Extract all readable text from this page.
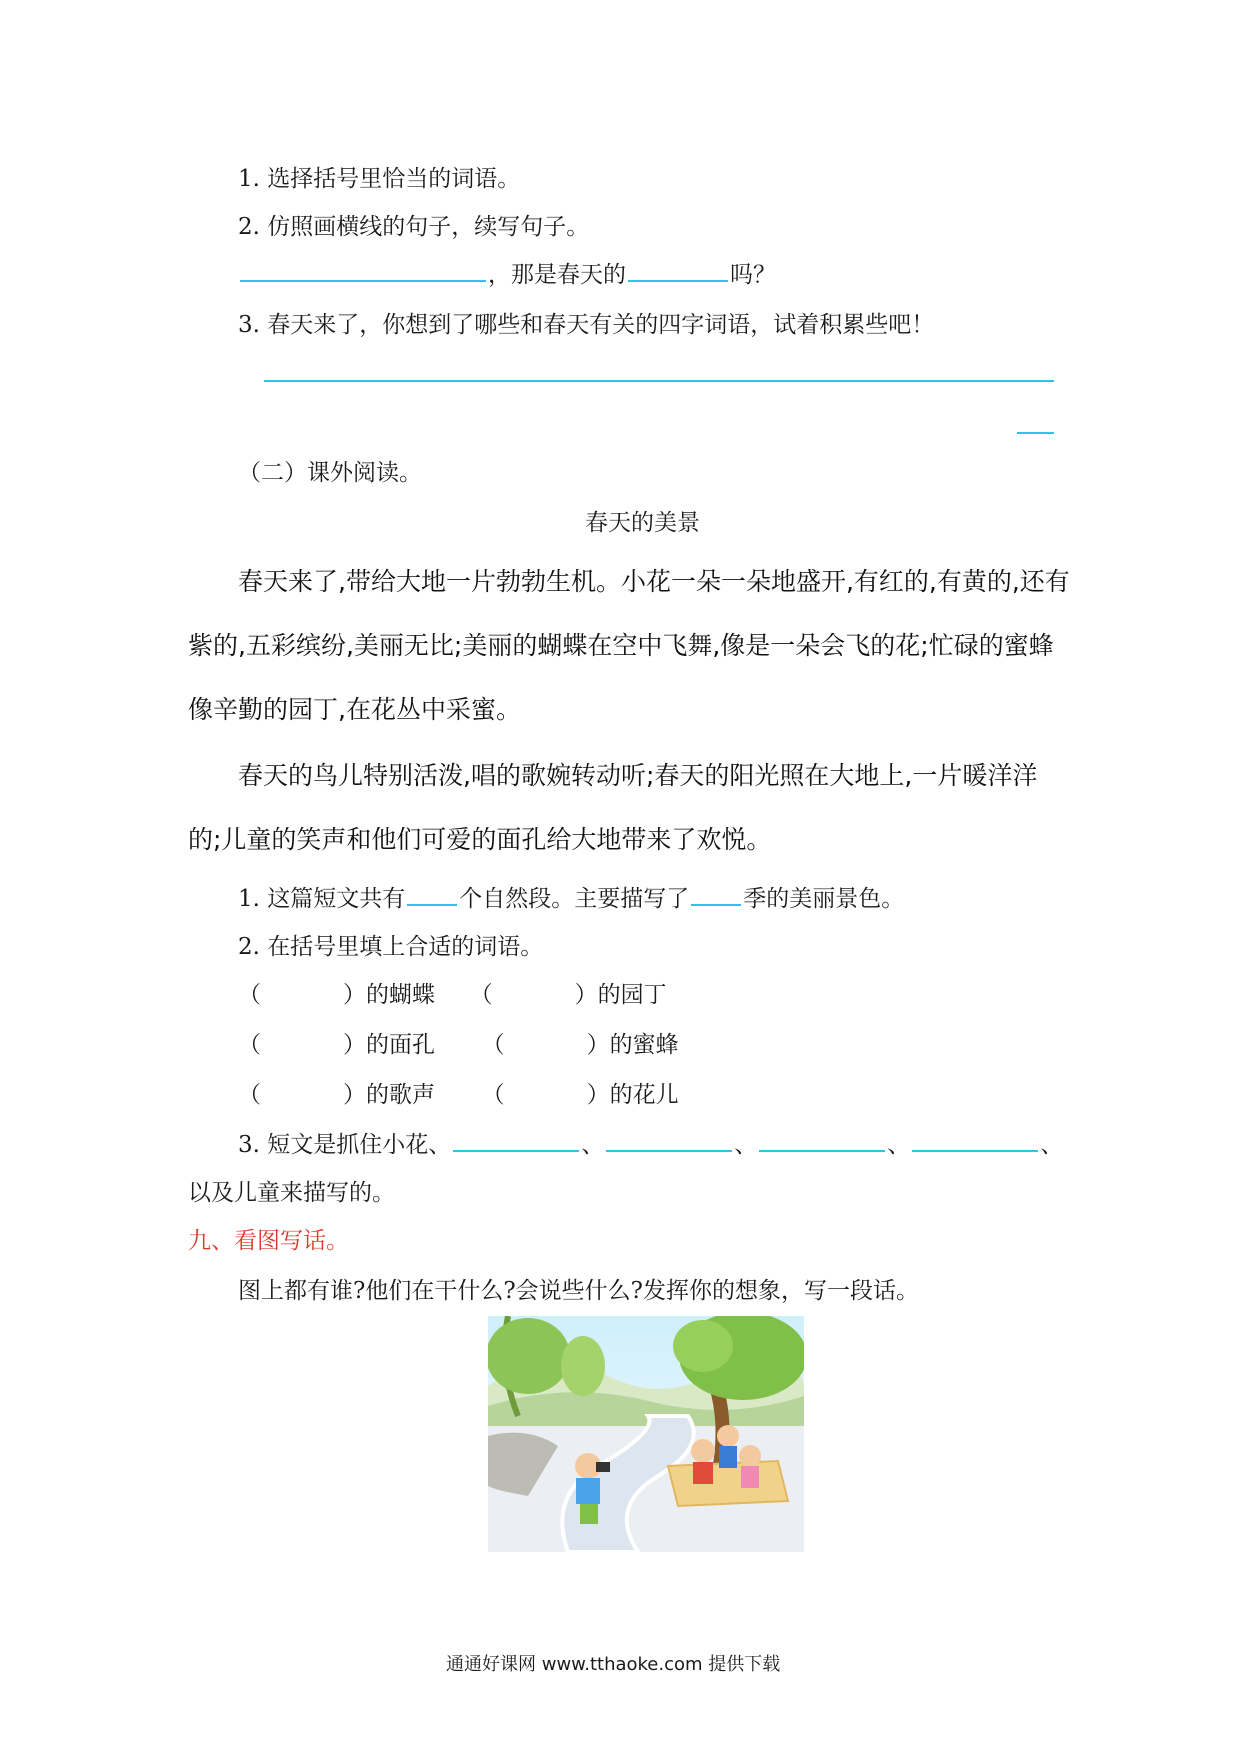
1. 选择括号里恰当的词语。
2. 仿照画横线的句子，续写句子。
，那是春天的	吗？
3. 春天来了，你想到了哪些和春天有关的四字词语，试着积累些吧！
（二）课外阅读。
春天的美景
春天来了,带给大地一片勃勃生机。小花一朵一朵地盛开,有红的,有黄的,还有
紫的,五彩缤纷,美丽无比;美丽的蝴蝶在空中飞舞,像是一朵会飞的花;忙碌的蜜蜂
像辛勤的园丁,在花丛中采蜜。
春天的鸟儿特别活泼,唱的歌婉转动听;春天的阳光照在大地上,一片暖洋洋
的;儿童的笑声和他们可爱的面孔给大地带来了欢悦。
1. 这篇短文共有 个自然段。主要描写了 季的美丽景色。
2. 在括号里填上合适的词语。
（	）的蝴蝶 （	）的园丁
（	）的面孔 （	）的蜜蜂
（	）的歌声 （	）的花儿
3. 短文是抓住小花、	、	、	、	、
以及儿童来描写的。
九、看图写话。
图上都有谁?他们在干什么?会说些什么?发挥你的想象，写一段话。
通通好课网 www.tthaoke.com 提供下载
